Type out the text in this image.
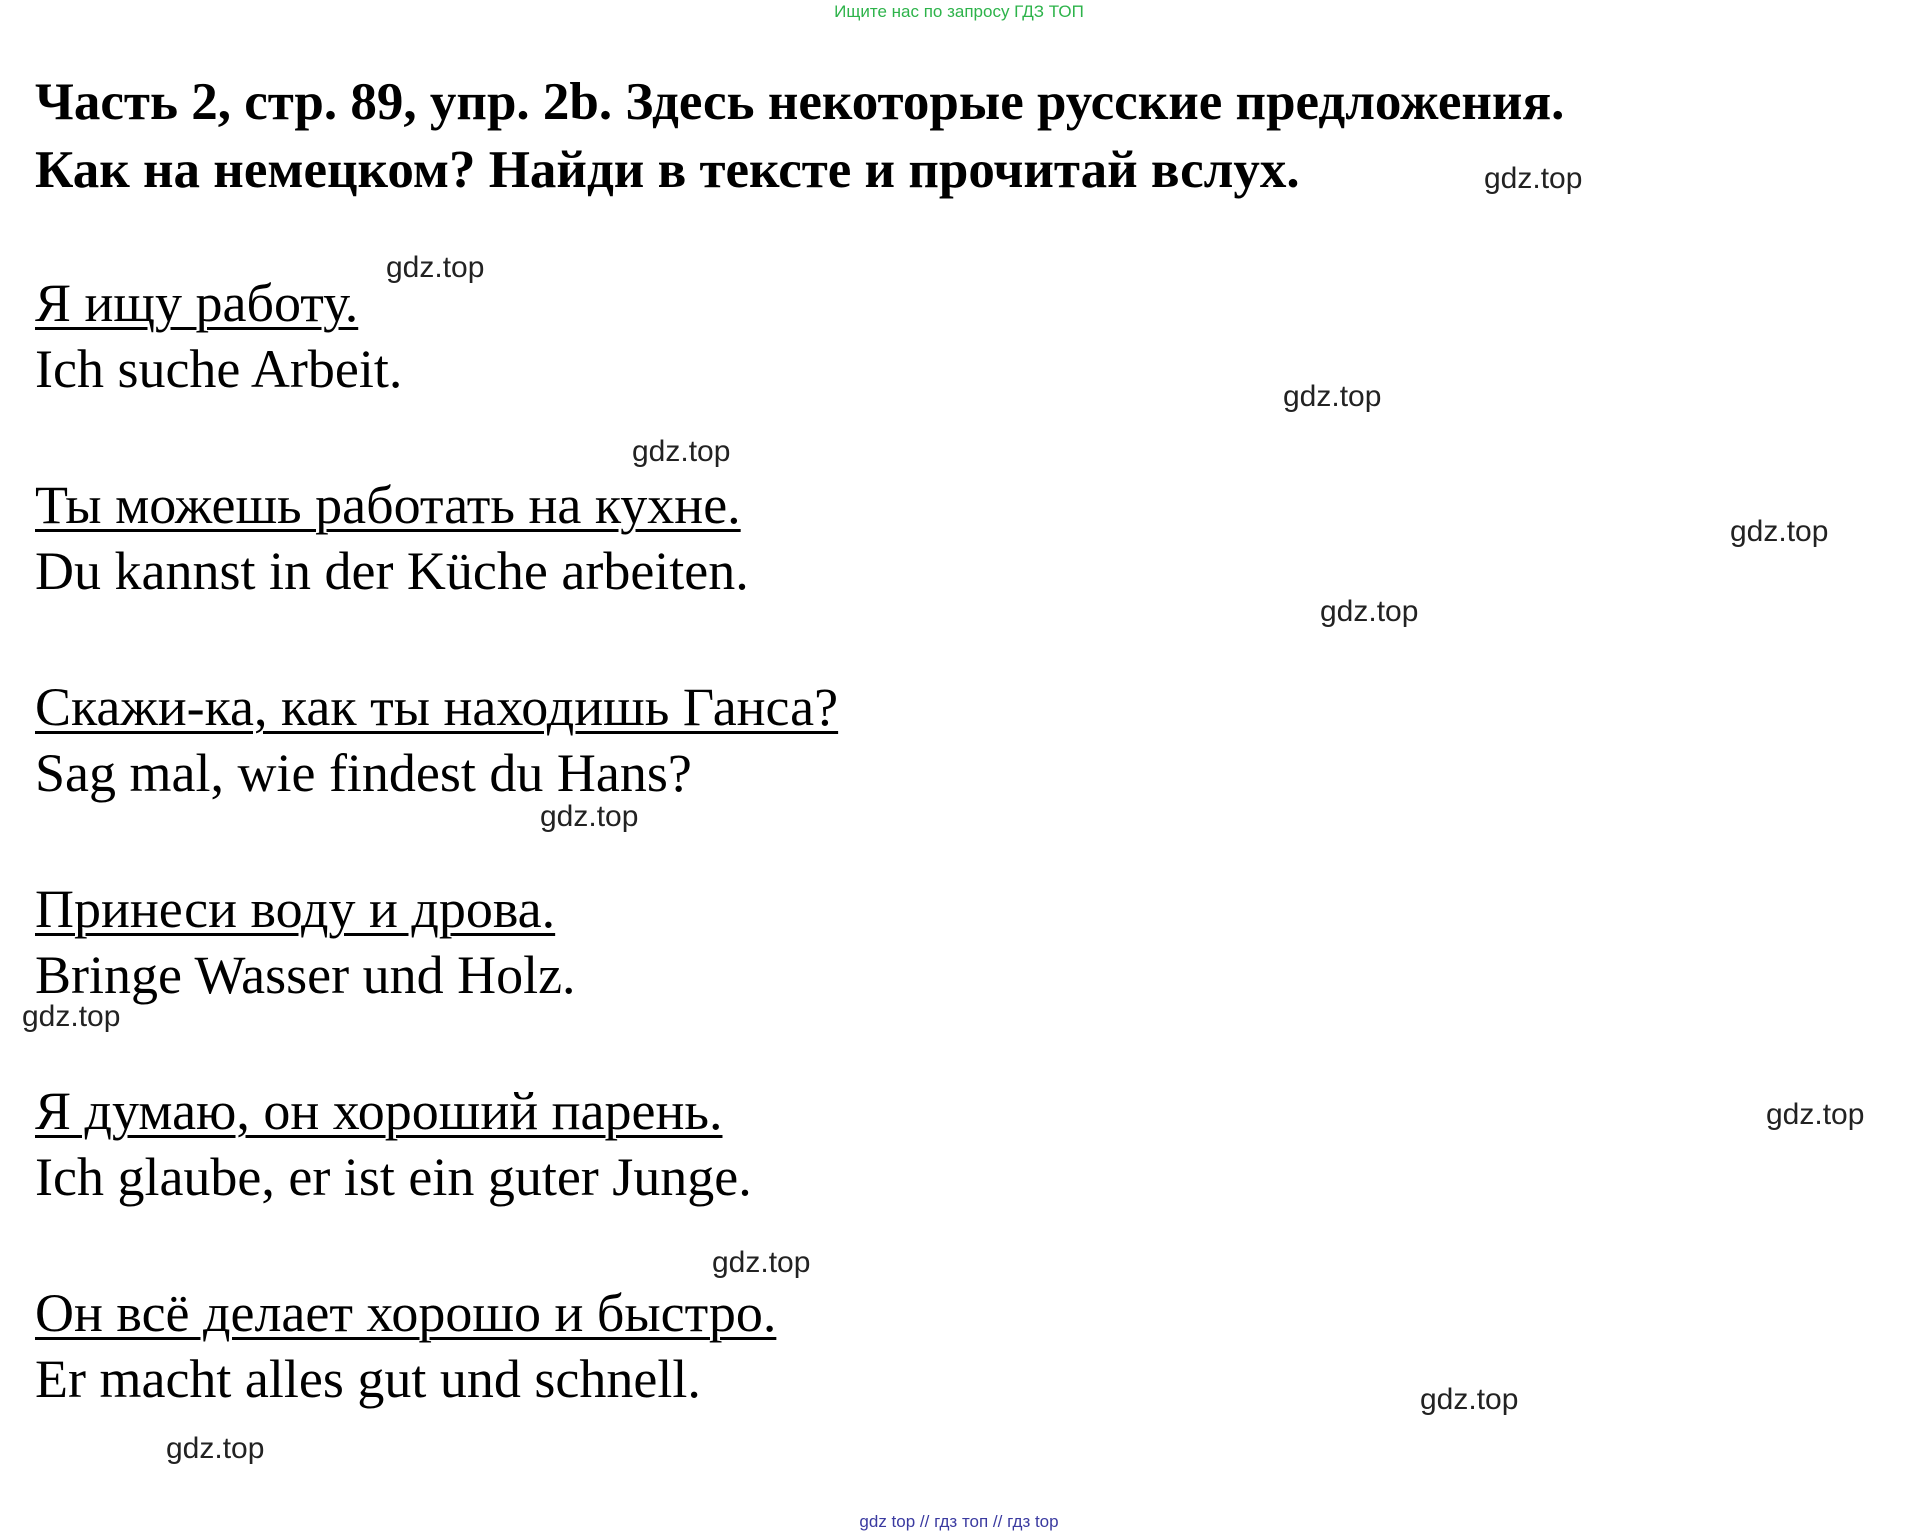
Ищите нас по запросу ГДЗ ТОП
Часть 2, стр. 89, упр. 2b. Здесь некоторые русские предложения.
Как на немецком? Найди в тексте и прочитай вслух.
Я ищу работу.
Ich suche Arbeit.
Ты можешь работать на кухне.
Du kannst in der Küche arbeiten.
Скажи-ка, как ты находишь Ганса?
Sag mal, wie findest du Hans?
Принеси воду и дрова.
Bringe Wasser und Holz.
Я думаю, он хороший парень.
Ich glaube, er ist ein guter Junge.
Он всё делает хорошо и быстро.
Er macht alles gut und schnell.
gdz.top
gdz.top
gdz.top
gdz.top
gdz.top
gdz.top
gdz.top
gdz.top
gdz.top
gdz.top
gdz.top
gdz.top
gdz top // гдз топ // гдз top
